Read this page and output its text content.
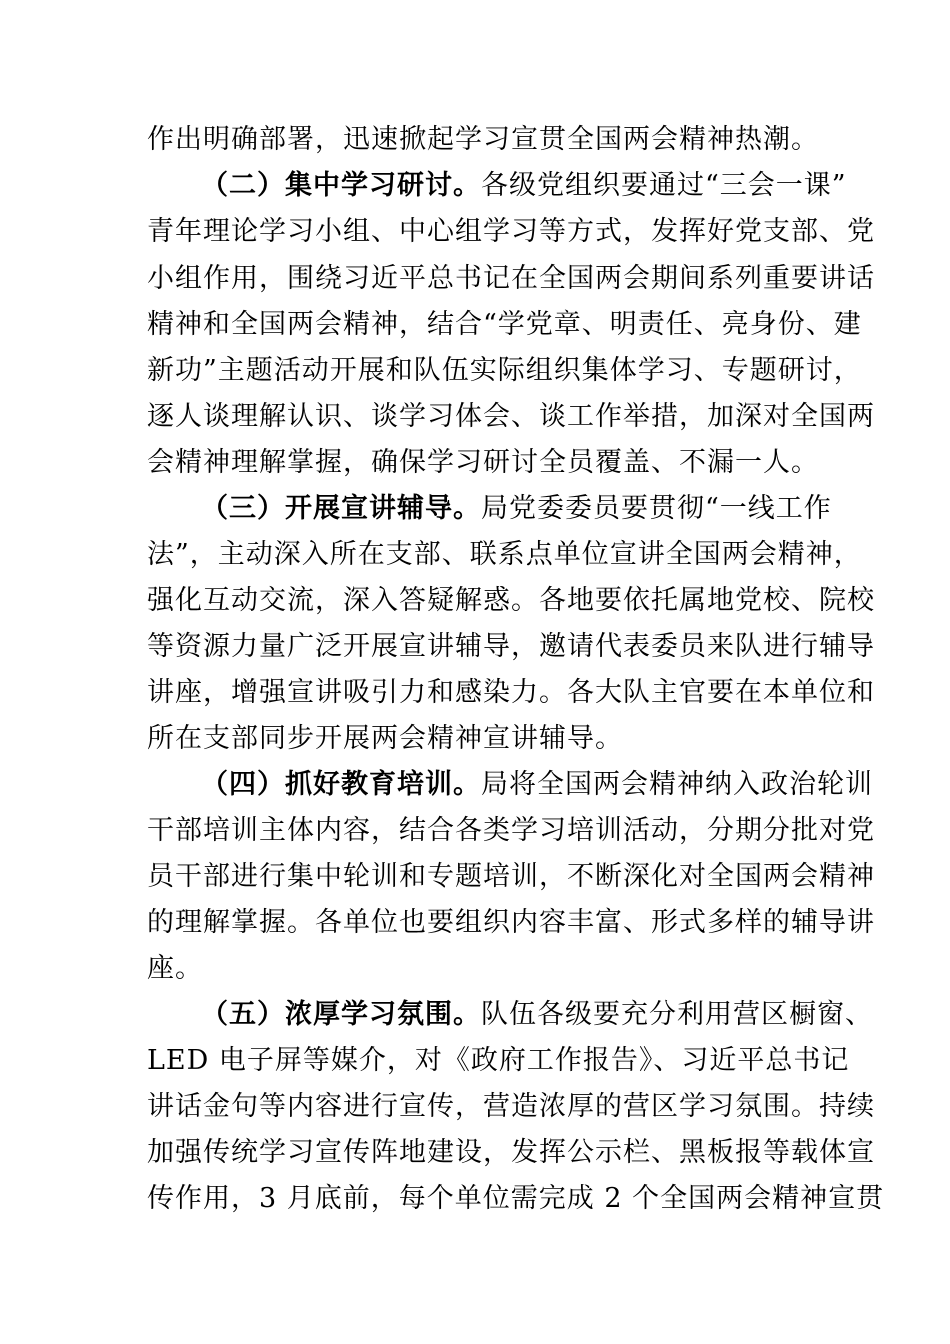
作出明确部署，迅速掀起学习宣贯全国两会精神热潮。
（二）集中学习研讨。各级党组织要通过“三会一课”
青年理论学习小组、中心组学习等方式，发挥好党支部、党
小组作用，围绕习近平总书记在全国两会期间系列重要讲话
精神和全国两会精神，结合“学党章、明责任、亮身份、建
新功”主题活动开展和队伍实际组织集体学习、专题研讨，
逐人谈理解认识、谈学习体会、谈工作举措，加深对全国两
会精神理解掌握，确保学习研讨全员覆盖、不漏一人。
（三）开展宣讲辅导。局党委委员要贯彻“一线工作
法”，主动深入所在支部、联系点单位宣讲全国两会精神，
强化互动交流，深入答疑解惑。各地要依托属地党校、院校
等资源力量广泛开展宣讲辅导，邀请代表委员来队进行辅导
讲座，增强宣讲吸引力和感染力。各大队主官要在本单位和
所在支部同步开展两会精神宣讲辅导。
（四）抓好教育培训。局将全国两会精神纳入政治轮训
干部培训主体内容，结合各类学习培训活动，分期分批对党
员干部进行集中轮训和专题培训，不断深化对全国两会精神
的理解掌握。各单位也要组织内容丰富、形式多样的辅导讲
座。
（五）浓厚学习氛围。队伍各级要充分利用营区橱窗、
LED 电子屏等媒介，对《政府工作报告》、习近平总书记
讲话金句等内容进行宣传，营造浓厚的营区学习氛围。持续
加强传统学习宣传阵地建设，发挥公示栏、黑板报等载体宣
传作用，3 月底前，每个单位需完成 2 个全国两会精神宣贯
